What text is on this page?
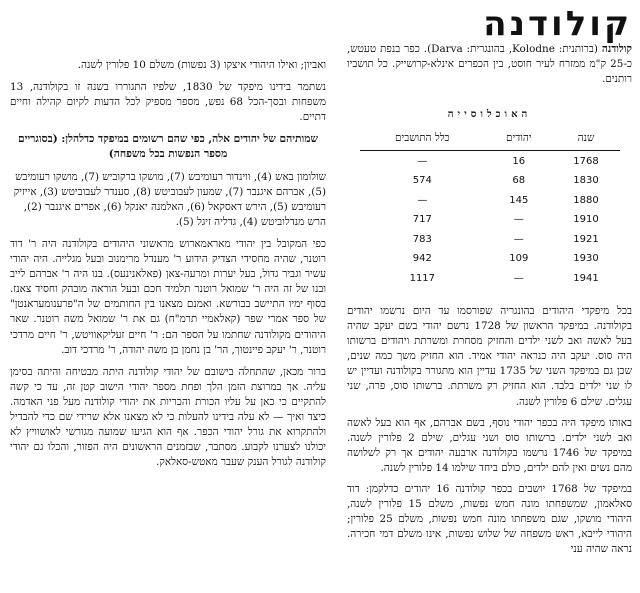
קולודנה

קולודנה (ברותנית: Kolodne, בהונגרית: Darva). כפר בנפת טעטש, כ-25 ק"מ ממזרח לעיר חוסט, בין הכפרים אינלא-קרושייק. כל תושביו רותנים.

האוכלוסייה
שנה	יהודים	כלל התושבים
1768	16	—
1830	68	574
1880	145	—
1910	—	717
1921	—	783
1930	109	942
1941	—	1117

בכל מיפקדי היהודים בהונגריה שפורסמו עד היום נרשמו יהודים בקולודנה. במיפקד הראשון של 1728 נרשם יהודי בשם יעקב שהיה בעל לאשה ואב לשני ילדים והחזיק מסחרת ומשרתת ויהודים ברשותו היה סוס. יעקב היה כנראה יהודי אמיד. הוא החזיק משך כמה שנים, שכן גם במיפקד השני של 1735 עדיין הוא מתגורר בקולודנה ועדיין יש לו שני ילדים בלבד. הוא החזיק רק משרתת. ברשותו סוס, פרה, שני עגלים. שילם 6 פלורין לשנה.

באותו מיפקד היה בכפר יהודי נוסף, בשם אברהם, אף הוא בעל לאשה ואב לשני ילדים. ברשותו סוס ושני עגלים, שילם 2 פלורין לשנה. במיפקד של 1746 נרשמו בקולודנה ארבעה יהודים אך רק לשלושה מהם נשים ואין להם ילדים, כולם ביחד שילמו 14 פלורין לשנה.

במיפקד של 1768 יושבים בכפר קולודנה 16 יהודים כדלקמן: דוד סאלאמון, שמשפחתו מונה חמש נפשות, משלם 15 פלורין לשנה, היהודי מושקו, שגם משפחתו מונה חמש נפשות, משלם 25 פלורין; היהודי לייבא, ראש משפחה של שלוש נפשות, אינו משלם דמי חכירה. נראה שהיה עני

ואביון; ואילו היהודי איצקו (3 נפשות) משלם 10 פלורין לשנה.

נשתמר בידינו מיפקד של 1830, שלפיו התגוררו בשנה זו בקולודנה, 13 משפחות ובסך-הכל 68 נפש, מספר מספיק לכל הדעות לקיום קהילה וחיים דתיים.

שמותיהם של יהודים אלה, כפי שהם רשומים במיפקד כדלהלן: (בסוגריים מספר הנפשות בכל משפחה)

שולומון באש (4), ווינדור רעומיבש (7), מושקו ברקוביש (7), מושקו רעומיבש (5), אברהם איגנבר (7), שמעון לעבוביטש (8), סענדר לעבוביטש (3), אייזיק רעומיבש (5), הירש דאסקאל (6), האלמנה יאנקל (6), אפרים איגנבר (2), הרש מנדלוביטש (4), גדליה זיגל (5).

כפי המקובל בין יהודי מאראמארוש מראשוני היהודים בקולודנה היה ר' דוד רוטנר, שהיה מחסידי הצדיק הידוע ר' מענדל מרימנוב ובעל מגלייה. היה יהודי עשיר וגביר גדול, בעל יערות ומרעה-צאן (פאלאנינעס). בנו היה ר' אברהם לייב ובנו של זה היה ר' שמואל רוטנר תלמיד חכם ובעל הוראה מובהק וחסיד צאנז. בסוף ימיו התיישב בבורשא. ואמנם מצאנו בין החותמים של ה"פרענומעראנטן" של ספר אמרי שפר (קאלאמיי תרמ"ח) גם את ר' שמואל משה רוטנר. שאר היהודים מקולודנה שחתמו על הספר הם: ר' חיים זעליקאוויטש, ר' חיים מרדכי רוטנר, ר' יעקב פיינטוך, הר' בן נחמן בן משה יהודה, ר' מרדכי דוב.

ברור מכאן, שהתחלה בישובם של יהודי קולודנה היתה מבטיחה והיתה בסימן עליה. אך במרוצת הזמן הלך ופחת מספר יהודי הישוב קטן זה, עד כי קשה להתקיים כי כאן על עליו הכורת והכריות את יהודי קולודנה מעל פני האדמה. כיצד ואיך — לא עלה בידינו להעלות כי לא מצאנו אלא שרידי שם כדי להבדיל ולהתקרוא את גורל יהודי הכפר. אף הוא הגיעו שמועה מגורשי לאושוויץ לא יכולנו לצערנו לקבוע. מסתבר, שבזמנים הראשונים היה הפזור, והכלו גם יהודי קולודנה לגורל הענק שעבר מאטש-סאלאק.
